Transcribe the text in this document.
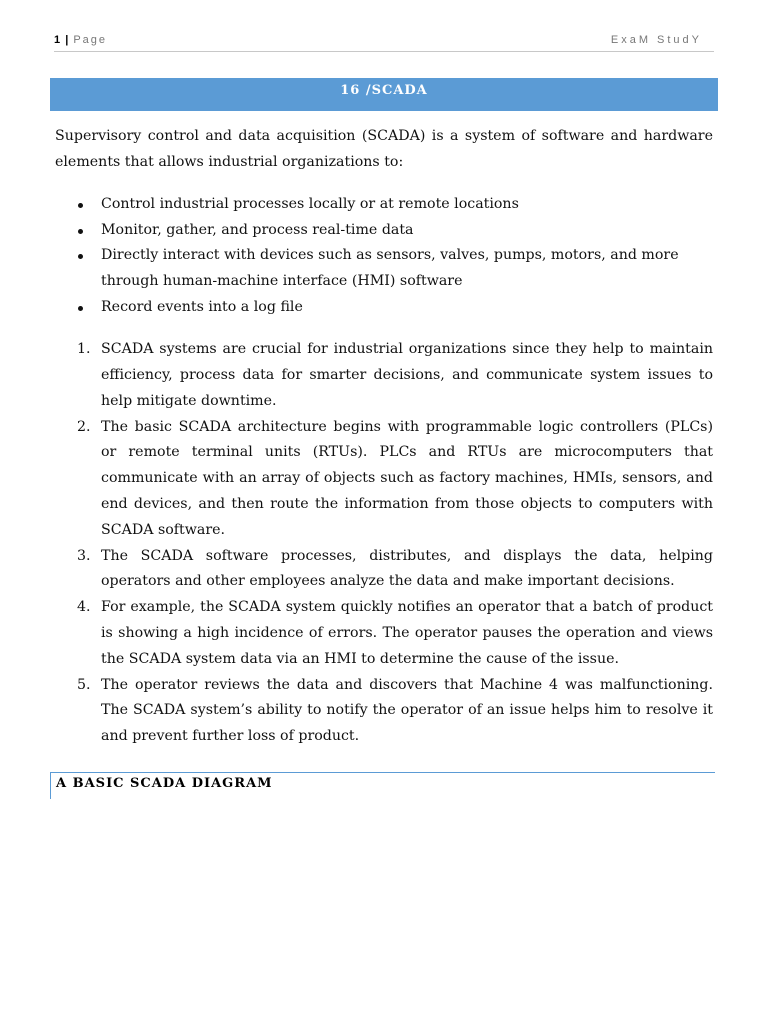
1 | Page	ExaM StudY
16 /SCADA

Supervisory control and data acquisition (SCADA) is a system of software and hardware elements that allows industrial organizations to:

Control industrial processes locally or at remote locations
Monitor, gather, and process real-time data
Directly interact with devices such as sensors, valves, pumps, motors, and more through human-machine interface (HMI) software
Record events into a log file
1. SCADA systems are crucial for industrial organizations since they help to maintain efficiency, process data for smarter decisions, and communicate system issues to help mitigate downtime.
2. The basic SCADA architecture begins with programmable logic controllers (PLCs) or remote terminal units (RTUs). PLCs and RTUs are microcomputers that communicate with an array of objects such as factory machines, HMIs, sensors, and end devices, and then route the information from those objects to computers with SCADA software.
3. The SCADA software processes, distributes, and displays the data, helping operators and other employees analyze the data and make important decisions.
4. For example, the SCADA system quickly notifies an operator that a batch of product is showing a high incidence of errors. The operator pauses the operation and views the SCADA system data via an HMI to determine the cause of the issue.
5. The operator reviews the data and discovers that Machine 4 was malfunctioning. The SCADA system’s ability to notify the operator of an issue helps him to resolve it and prevent further loss of product.
A BASIC SCADA DIAGRAM
